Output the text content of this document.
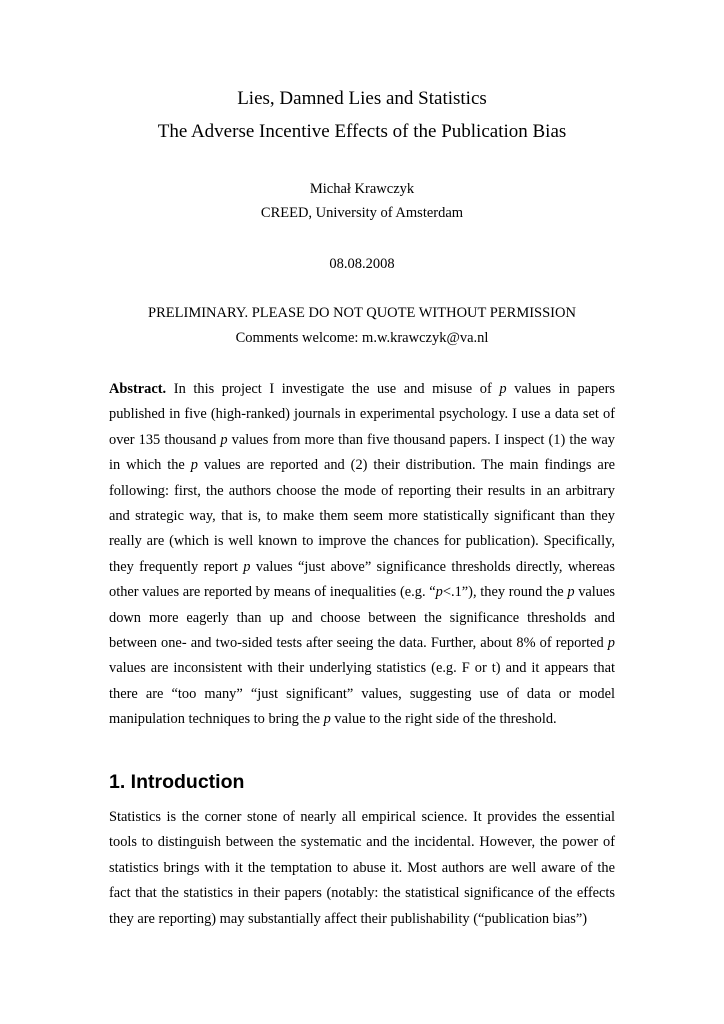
Lies, Damned Lies and Statistics
The Adverse Incentive Effects of the Publication Bias
Michał Krawczyk
CREED, University of Amsterdam
08.08.2008
PRELIMINARY. PLEASE DO NOT QUOTE WITHOUT PERMISSION
Comments welcome: m.w.krawczyk@va.nl

Abstract. In this project I investigate the use and misuse of p values in papers published in five (high-ranked) journals in experimental psychology. I use a data set of over 135 thousand p values from more than five thousand papers. I inspect (1) the way in which the p values are reported and (2) their distribution. The main findings are following: first, the authors choose the mode of reporting their results in an arbitrary and strategic way, that is, to make them seem more statistically significant than they really are (which is well known to improve the chances for publication). Specifically, they frequently report p values “just above” significance thresholds directly, whereas other values are reported by means of inequalities (e.g. “p<.1”), they round the p values down more eagerly than up and choose between the significance thresholds and between one- and two-sided tests after seeing the data. Further, about 8% of reported p values are inconsistent with their underlying statistics (e.g. F or t) and it appears that there are “too many” “just significant” values, suggesting use of data or model manipulation techniques to bring the p value to the right side of the threshold.

1. Introduction

Statistics is the corner stone of nearly all empirical science. It provides the essential tools to distinguish between the systematic and the incidental. However, the power of statistics brings with it the temptation to abuse it. Most authors are well aware of the fact that the statistics in their papers (notably: the statistical significance of the effects they are reporting) may substantially affect their publishability (“publication bias”)
